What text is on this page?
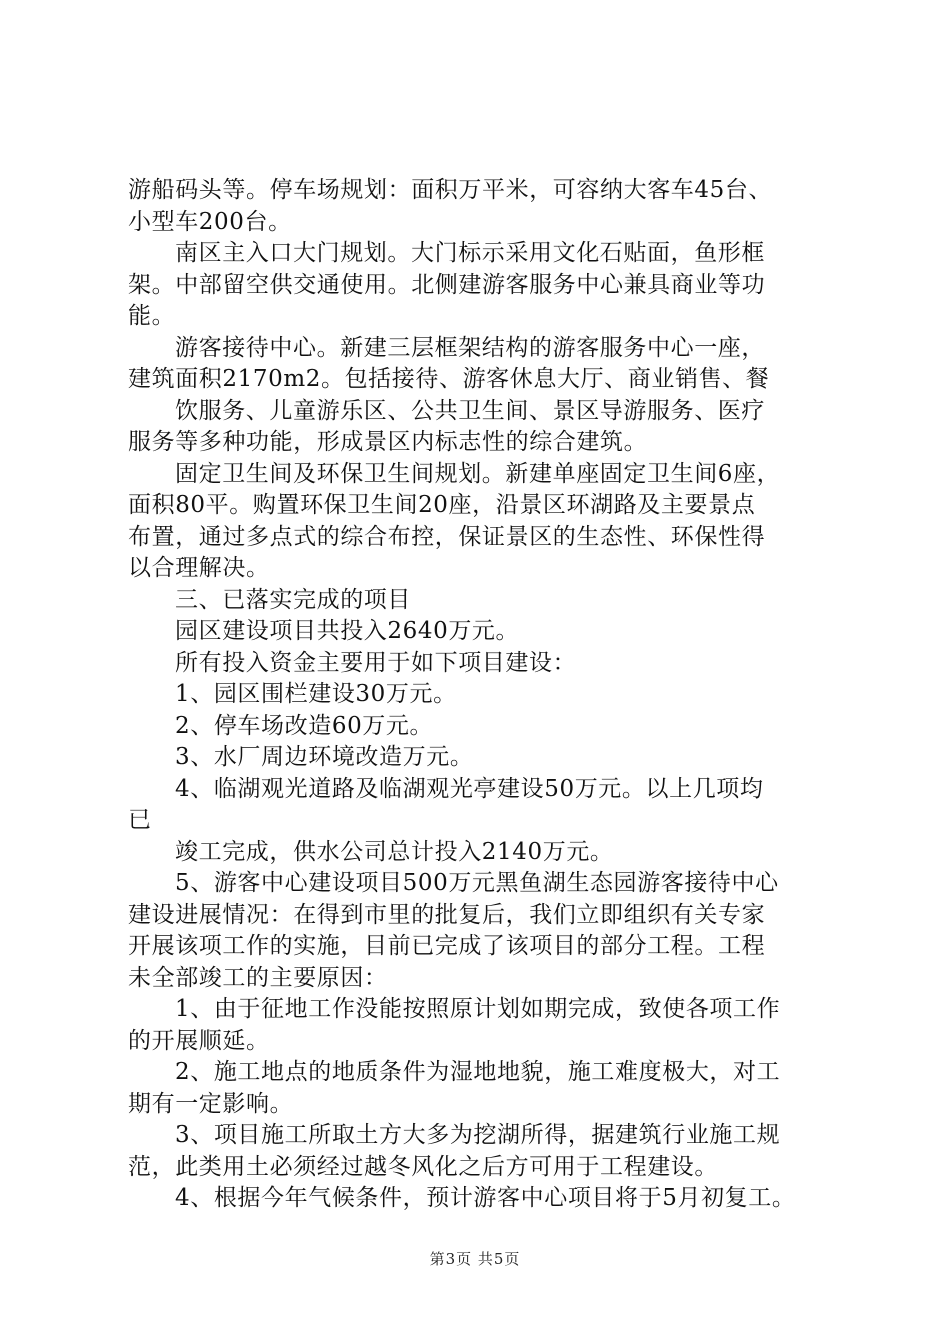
游船码头等。停车场规划：面积万平米，可容纳大客车45台、
小型车200台。
南区主入口大门规划。大门标示采用文化石贴面，鱼形框
架。中部留空供交通使用。北侧建游客服务中心兼具商业等功
能。
游客接待中心。新建三层框架结构的游客服务中心一座，
建筑面积2170m2。包括接待、游客休息大厅、商业销售、餐
饮服务、儿童游乐区、公共卫生间、景区导游服务、医疗
服务等多种功能，形成景区内标志性的综合建筑。
固定卫生间及环保卫生间规划。新建单座固定卫生间6座，
面积80平。购置环保卫生间20座，沿景区环湖路及主要景点
布置，通过多点式的综合布控，保证景区的生态性、环保性得
以合理解决。
三、已落实完成的项目
园区建设项目共投入2640万元。
所有投入资金主要用于如下项目建设：
1、园区围栏建设30万元。
2、停车场改造60万元。
3、水厂周边环境改造万元。
4、临湖观光道路及临湖观光亭建设50万元。以上几项均
已
竣工完成，供水公司总计投入2140万元。
5、游客中心建设项目500万元黑鱼湖生态园游客接待中心
建设进展情况：在得到市里的批复后，我们立即组织有关专家
开展该项工作的实施，目前已完成了该项目的部分工程。工程
未全部竣工的主要原因：
1、由于征地工作没能按照原计划如期完成，致使各项工作
的开展顺延。
2、施工地点的地质条件为湿地地貌，施工难度极大，对工
期有一定影响。
3、项目施工所取土方大多为挖湖所得，据建筑行业施工规
范，此类用土必须经过越冬风化之后方可用于工程建设。
4、根据今年气候条件，预计游客中心项目将于5月初复工。
第3页 共5页
